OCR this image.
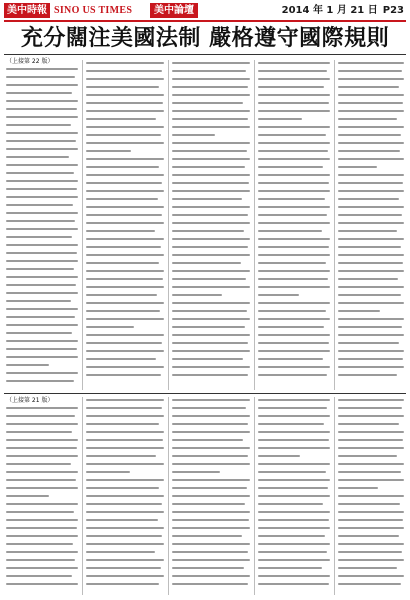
美中時報 SINO US TIMES	美中論壇	2014 年 1 月 21 日 P23
充分闊注美國法制 嚴格遵守國際規則
（上接第 22 版）
（上接第 21 版）
